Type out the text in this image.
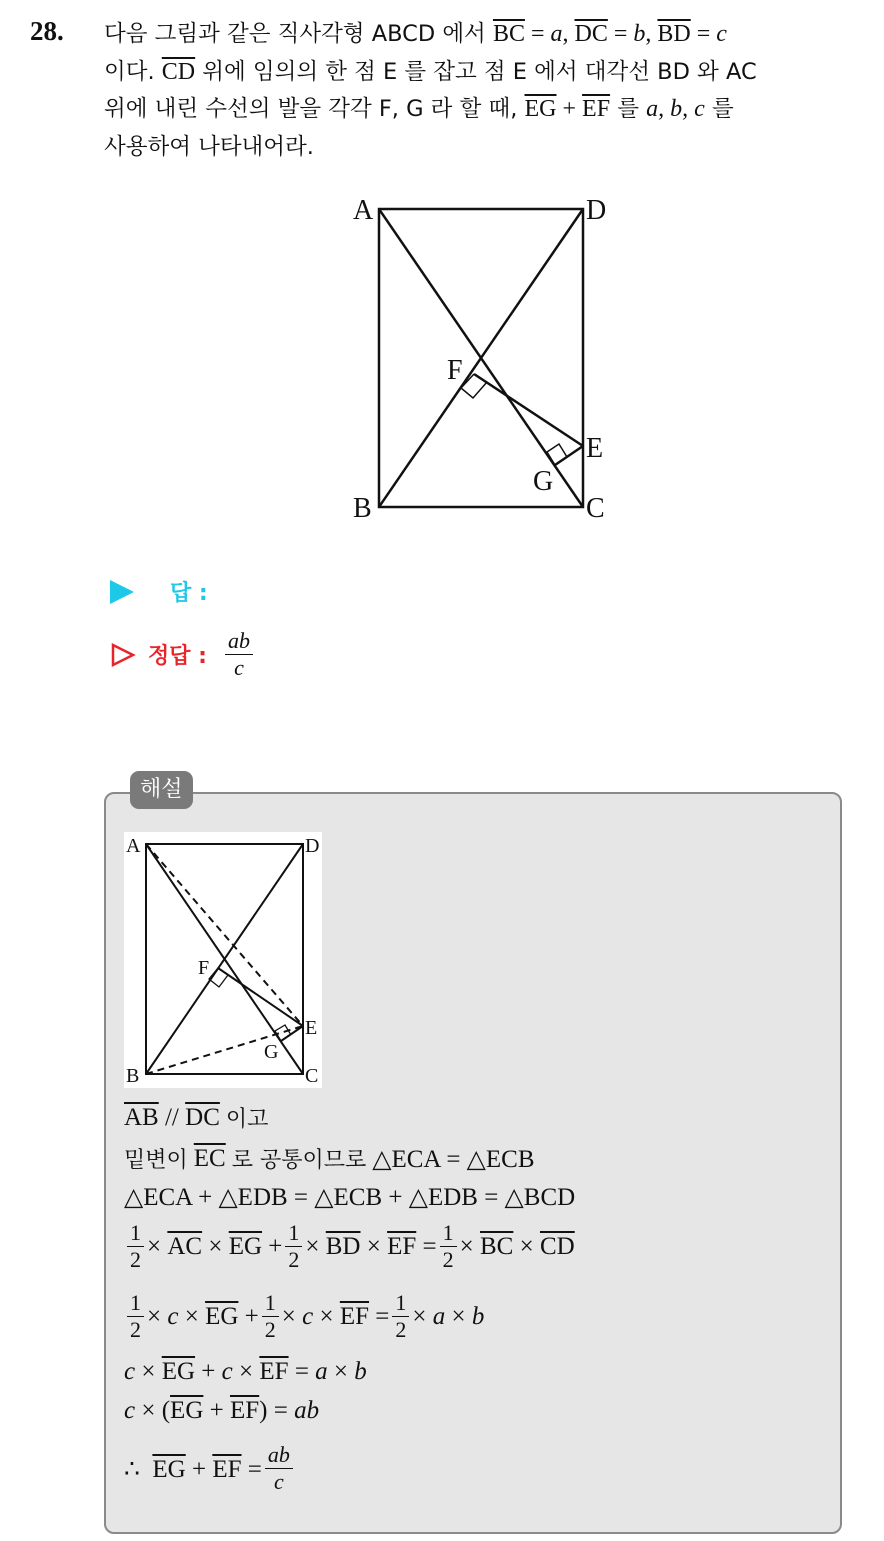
28. 다음 그림과 같은 직사각형 ABCD 에서 $\overline{BC} = a$, $\overline{DC} = b$, $\overline{BD} = c$
이다. $\overline{CD}$ 위에 임의의 한 점 E 를 잡고 점 E 에서 대각선 BD 와 AC
위에 내린 수선의 발을 각각 F, G 라 할 때, $\overline{EG} + \overline{EF}$ 를 a, b, c 를
사용하여 나타내어라.
A	D
B	C
E
F
G
답 :
정답 : $\frac{ab}{c}$
해설
A	D
B	C
E
F
G
$\overline{AB} // \overline{DC}$ 이고
밑변이 $\overline{EC}$ 로 공통이므로 △ECA = △ECB
△ECA + △EDB = △ECB + △EDB = △BCD
$\frac{1}{2} \times \overline{AC} \times \overline{EG} + \frac{1}{2} \times \overline{BD} \times \overline{EF} = \frac{1}{2} \times \overline{BC} \times \overline{CD}$
$\frac{1}{2} \times c \times \overline{EG} + \frac{1}{2} \times c \times \overline{EF} = \frac{1}{2} \times a \times b$
$c \times \overline{EG} + c \times \overline{EF} = a \times b$
$c \times (\overline{EG} + \overline{EF})$ = ab
∴  $\overline{EG} + \overline{EF} = \frac{ab}{c}$
